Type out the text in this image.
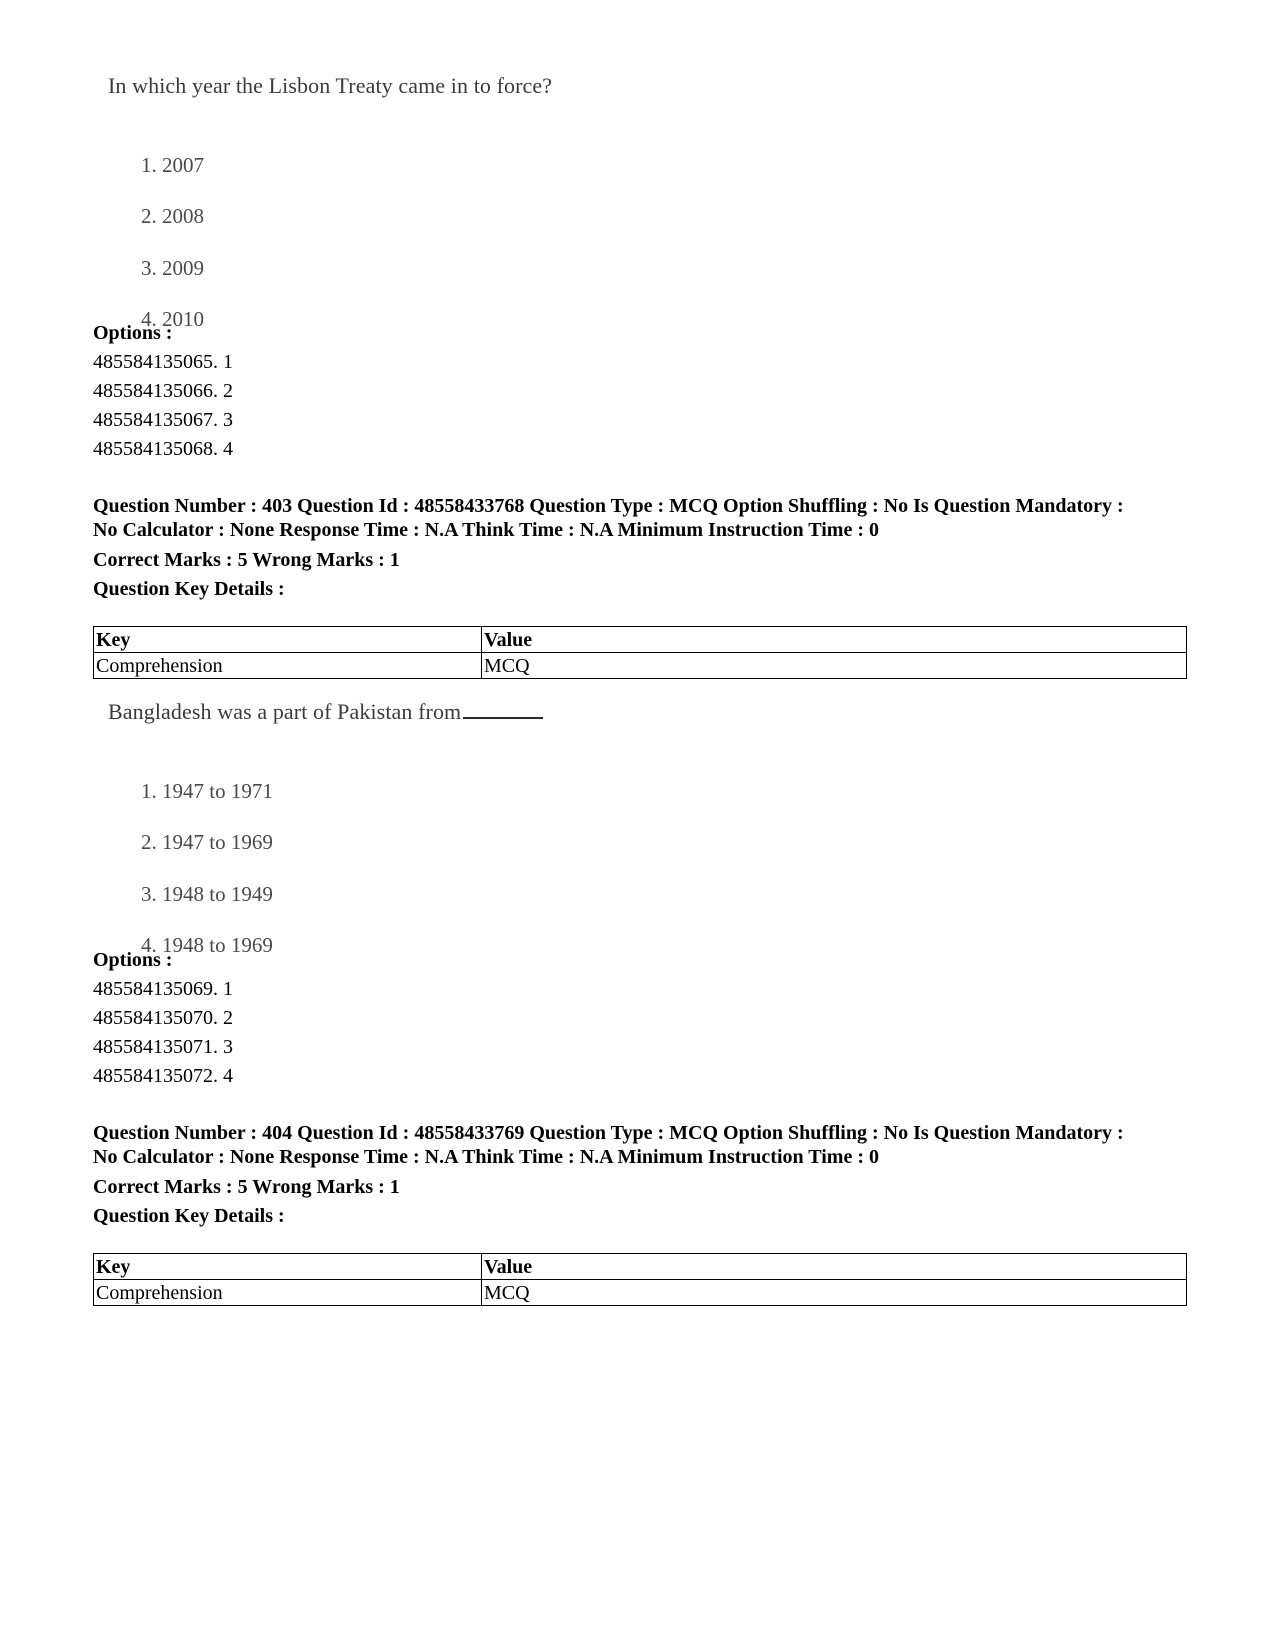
In which year the Lisbon Treaty came in to force?
1. 2007
2. 2008
3. 2009
4. 2010
Options :
485584135065. 1
485584135066. 2
485584135067. 3
485584135068. 4
Question Number : 403 Question Id : 48558433768 Question Type : MCQ Option Shuffling : No Is Question Mandatory :
No Calculator : None Response Time : N.A Think Time : N.A Minimum Instruction Time : 0
Correct Marks : 5 Wrong Marks : 1
Question Key Details :
Key	Value
Comprehension	MCQ
Bangladesh was a part of Pakistan from
1. 1947 to 1971
2. 1947 to 1969
3. 1948 to 1949
4. 1948 to 1969
Options :
485584135069. 1
485584135070. 2
485584135071. 3
485584135072. 4
Question Number : 404 Question Id : 48558433769 Question Type : MCQ Option Shuffling : No Is Question Mandatory :
No Calculator : None Response Time : N.A Think Time : N.A Minimum Instruction Time : 0
Correct Marks : 5 Wrong Marks : 1
Question Key Details :
Key	Value
Comprehension	MCQ
